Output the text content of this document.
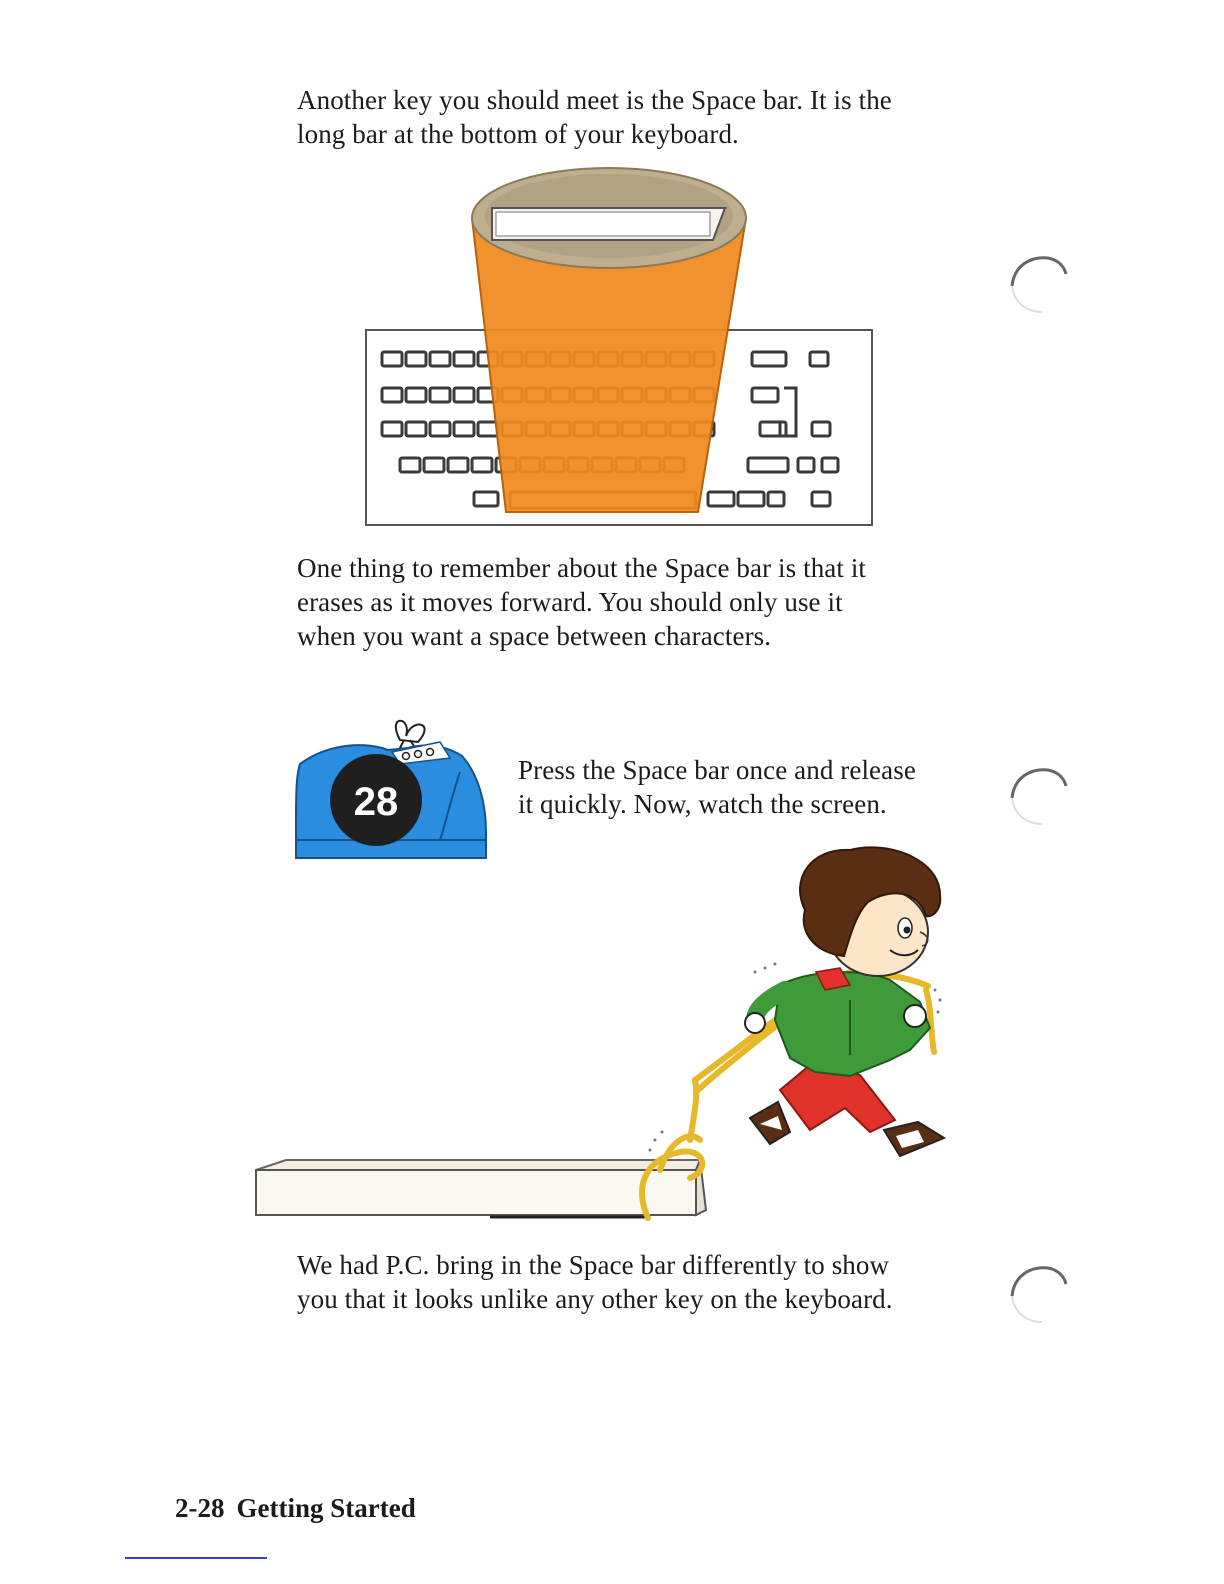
Another key you should meet is the Space bar. It is the
long bar at the bottom of your keyboard.

One thing to remember about the Space bar is that it
erases as it moves forward. You should only use it
when you want a space between characters.

28

Press the Space bar once and release
it quickly. Now, watch the screen.

We had P.C. bring in the Space bar differently to show
you that it looks unlike any other key on the keyboard.

2-28 Getting Started
